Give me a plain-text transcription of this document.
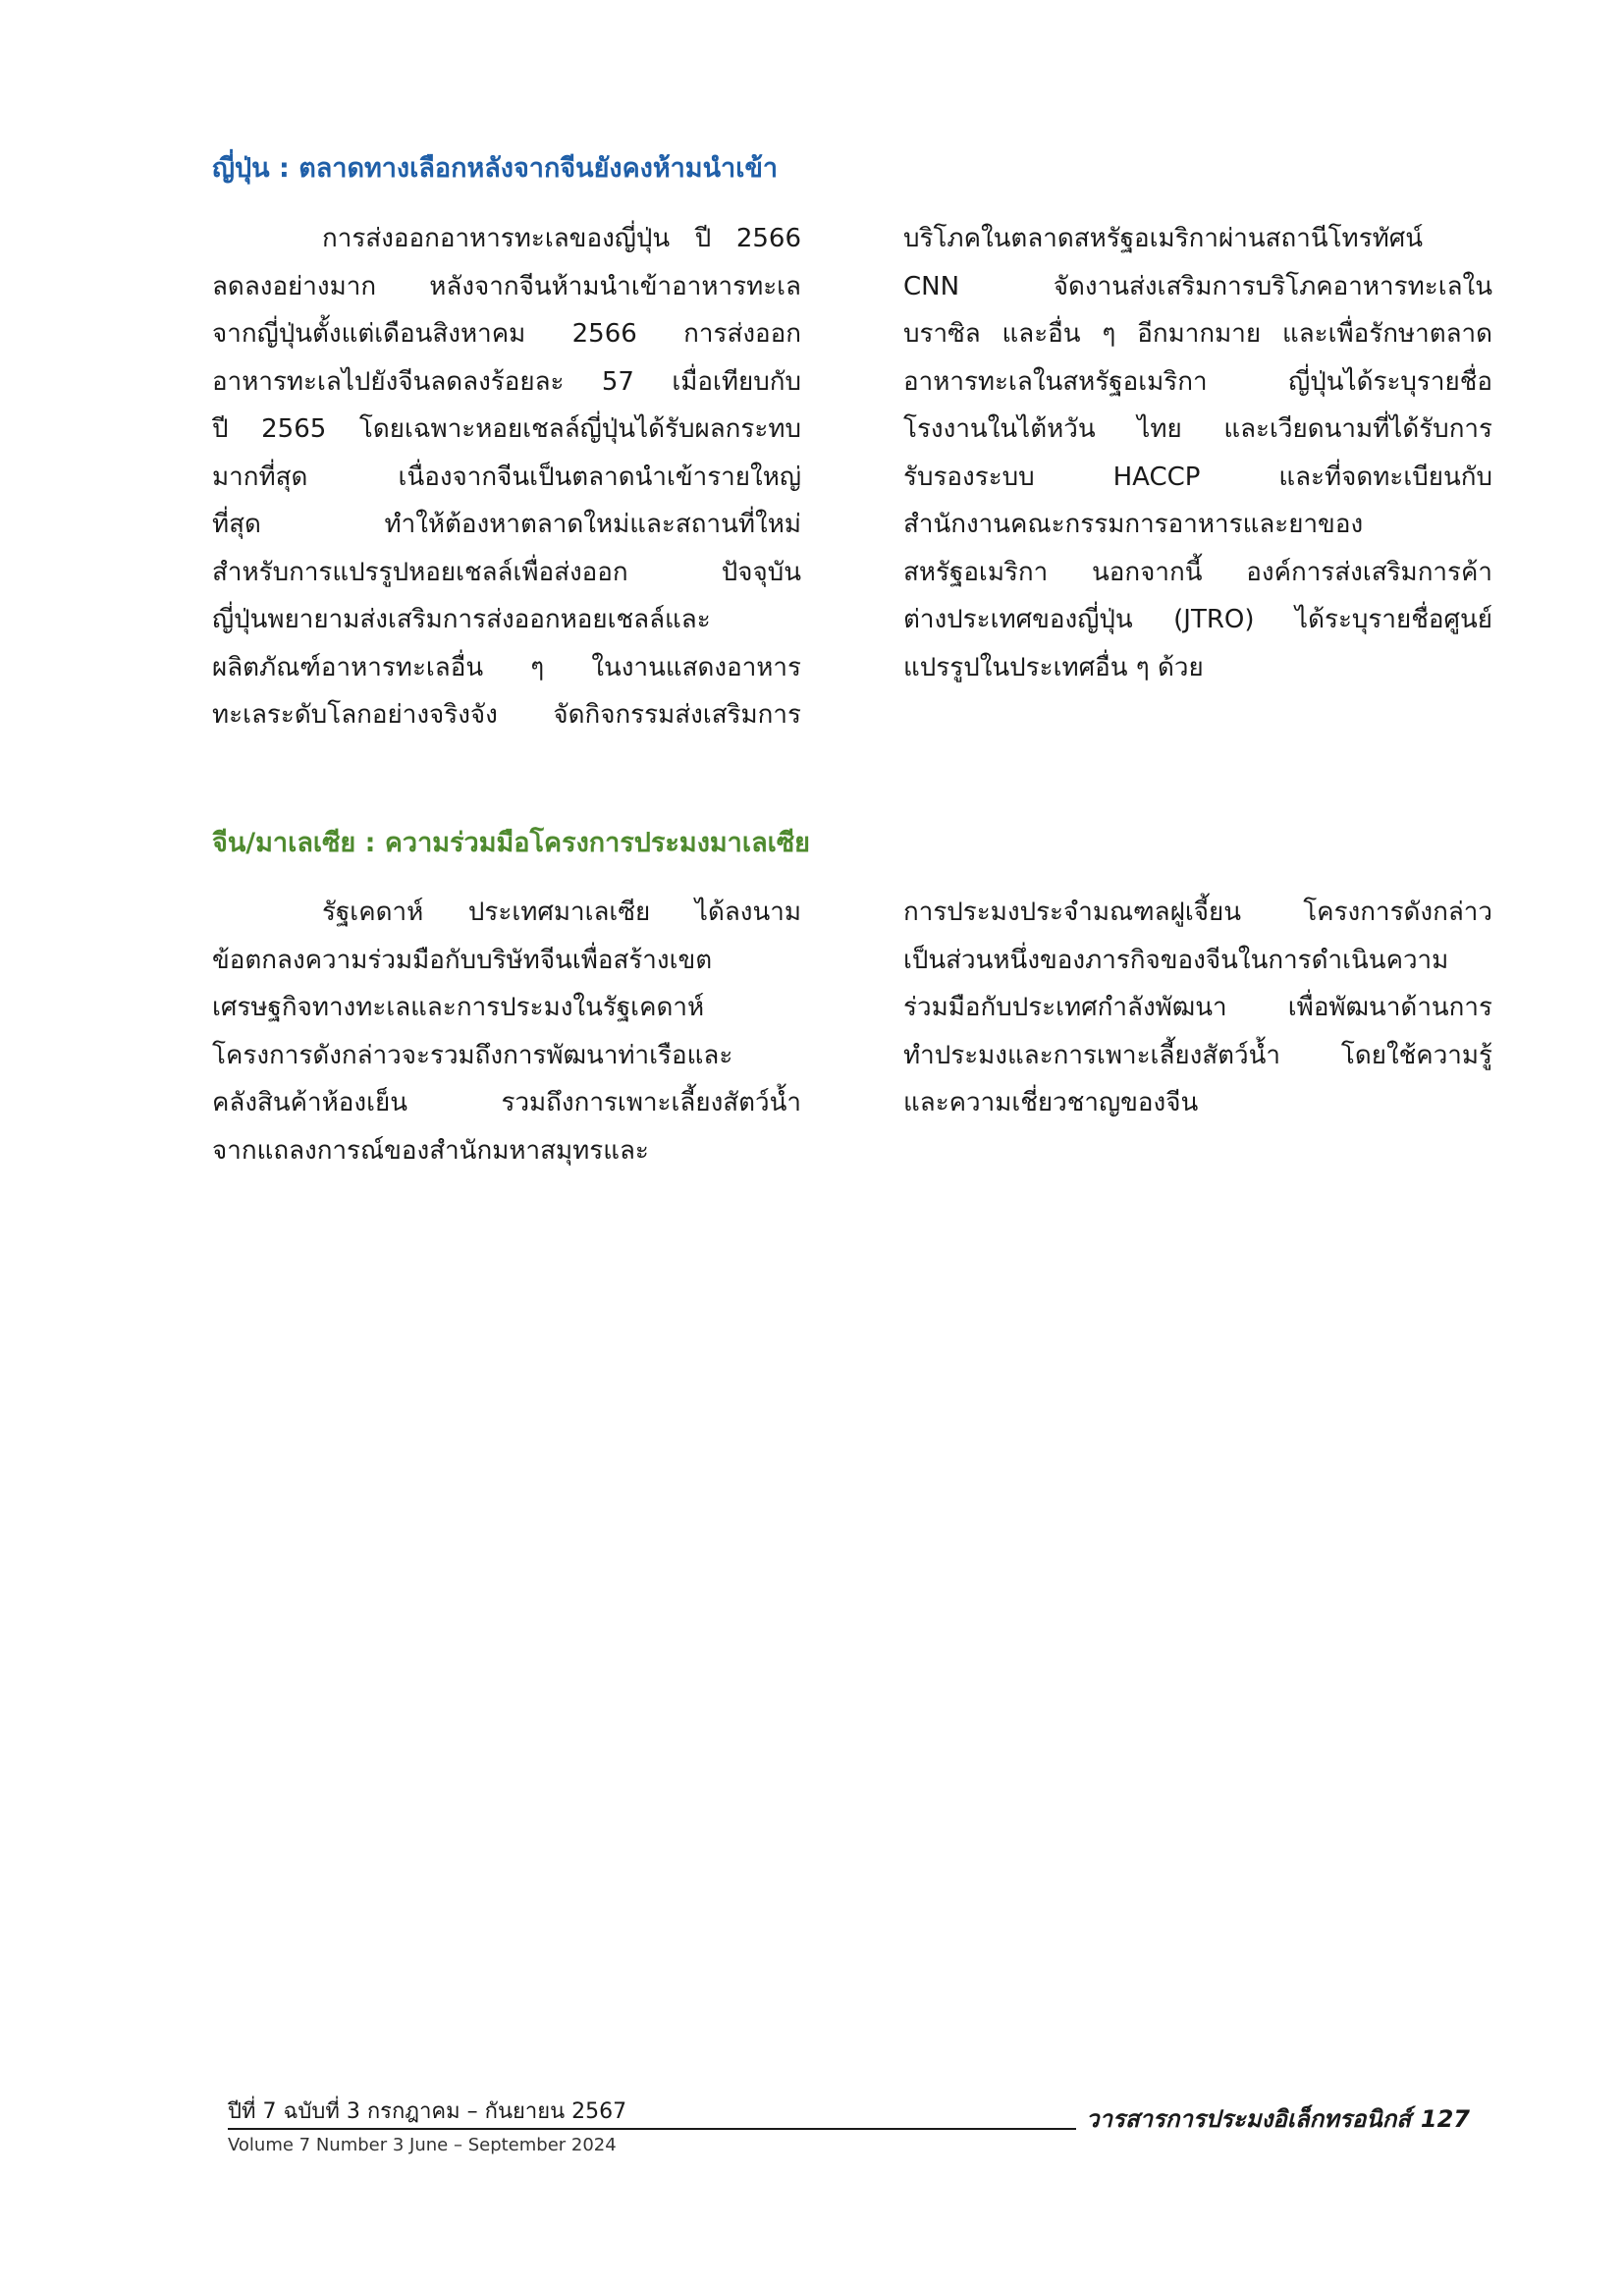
ญี่ปุ่น : ตลาดทางเลือกหลังจากจีนยังคงห้ามนำเข้า
การส่งออกอาหารทะเลของญี่ปุ่น ปี 2566
ลดลงอย่างมาก หลังจากจีนห้ามนำเข้าอาหารทะเล
จากญี่ปุ่นตั้งแต่เดือนสิงหาคม 2566 การส่งออก
อาหารทะเลไปยังจีนลดลงร้อยละ 57 เมื่อเทียบกับ
ปี 2565 โดยเฉพาะหอยเชลล์ญี่ปุ่นได้รับผลกระทบ
มากที่สุด เนื่องจากจีนเป็นตลาดนำเข้ารายใหญ่
ที่สุด ทำให้ต้องหาตลาดใหม่และสถานที่ใหม่
สำหรับการแปรรูปหอยเชลล์เพื่อส่งออก ปัจจุบัน
ญี่ปุ่นพยายามส่งเสริมการส่งออกหอยเชลล์และ
ผลิตภัณฑ์อาหารทะเลอื่น ๆ ในงานแสดงอาหาร
ทะเลระดับโลกอย่างจริงจัง จัดกิจกรรมส่งเสริมการ
บริโภคในตลาดสหรัฐอเมริกาผ่านสถานีโทรทัศน์
CNN จัดงานส่งเสริมการบริโภคอาหารทะเลใน
บราซิล และอื่น ๆ อีกมากมาย และเพื่อรักษาตลาด
อาหารทะเลในสหรัฐอเมริกา ญี่ปุ่นได้ระบุรายชื่อ
โรงงานในไต้หวัน ไทย และเวียดนามที่ได้รับการ
รับรองระบบ HACCP และที่จดทะเบียนกับ
สำนักงานคณะกรรมการอาหารและยาของ
สหรัฐอเมริกา นอกจากนี้ องค์การส่งเสริมการค้า
ต่างประเทศของญี่ปุ่น (JTRO) ได้ระบุรายชื่อศูนย์
แปรรูปในประเทศอื่น ๆ ด้วย
จีน/มาเลเซีย : ความร่วมมือโครงการประมงมาเลเซีย
รัฐเคดาห์ ประเทศมาเลเซีย ได้ลงนาม
ข้อตกลงความร่วมมือกับบริษัทจีนเพื่อสร้างเขต
เศรษฐกิจทางทะเลและการประมงในรัฐเคดาห์
โครงการดังกล่าวจะรวมถึงการพัฒนาท่าเรือและ
คลังสินค้าห้องเย็น รวมถึงการเพาะเลี้ยงสัตว์น้ำ
จากแถลงการณ์ของสำนักมหาสมุทรและ
การประมงประจำมณฑลฝูเจี้ยน โครงการดังกล่าว
เป็นส่วนหนึ่งของภารกิจของจีนในการดำเนินความ
ร่วมมือกับประเทศกำลังพัฒนา เพื่อพัฒนาด้านการ
ทำประมงและการเพาะเลี้ยงสัตว์น้ำ โดยใช้ความรู้
และความเชี่ยวชาญของจีน
ปีที่ 7 ฉบับที่ 3 กรกฎาคม – กันยายน 2567
Volume 7 Number 3 June – September 2024
วารสารการประมงอิเล็กทรอนิกส์ 127
